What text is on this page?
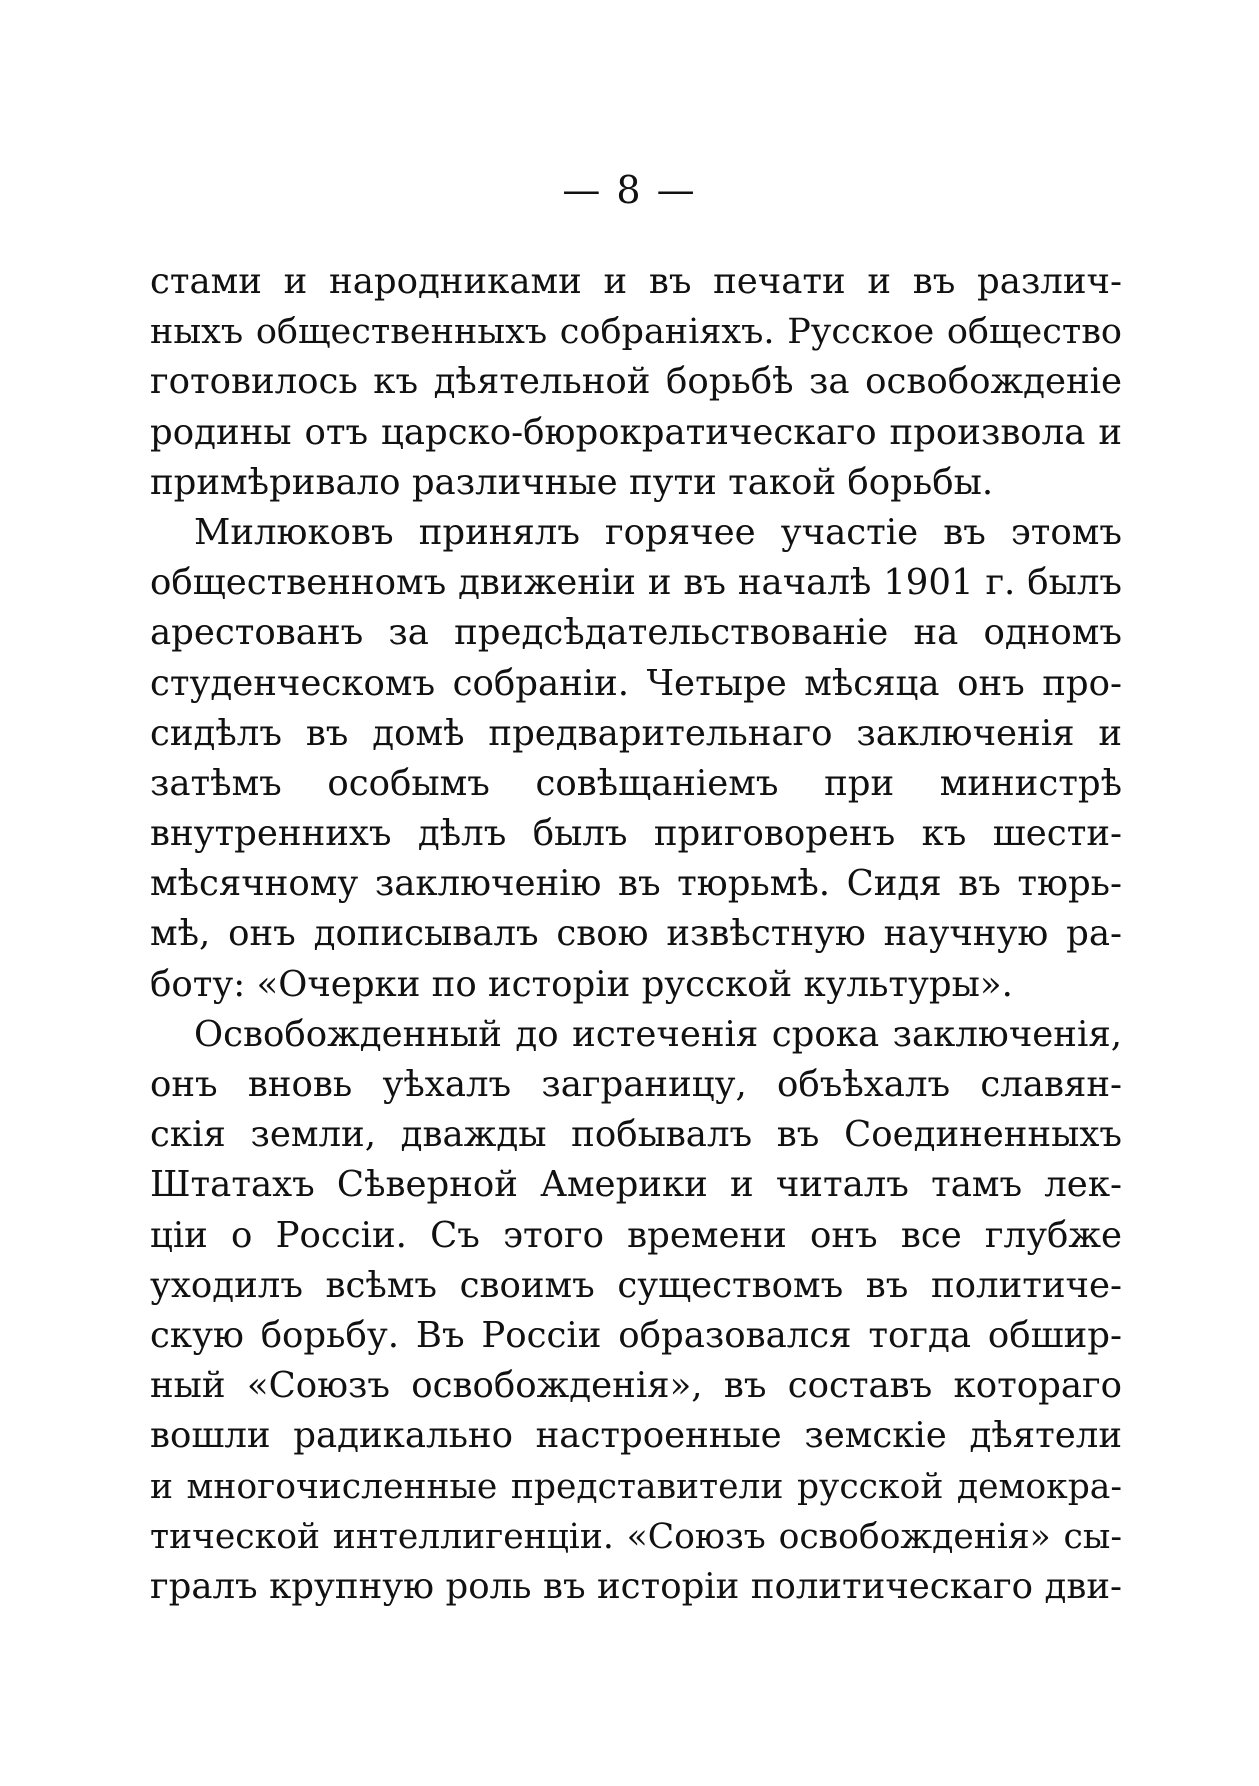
— 8 —
стами и народниками и въ печати и въ различ-
ныхъ общественныхъ собраніяхъ. Русское общество
готовилось къ дѣятельной борьбѣ за освобожденіе
родины отъ царско-бюрократическаго произвола и
примѣривало различные пути такой борьбы.
Милюковъ принялъ горячее участіе въ этомъ
общественномъ движеніи и въ началѣ 1901 г. былъ
арестованъ за предсѣдательствованіе на одномъ
студенческомъ собраніи. Четыре мѣсяца онъ про-
сидѣлъ въ домѣ предварительнаго заключенія и
затѣмъ особымъ совѣщаніемъ при министрѣ
внутреннихъ дѣлъ былъ приговоренъ къ шести-
мѣсячному заключенію въ тюрьмѣ. Сидя въ тюрь-
мѣ, онъ дописывалъ свою извѣстную научную ра-
боту: «Очерки по исторіи русской культуры».
Освобожденный до истеченія срока заключенія,
онъ вновь уѣхалъ заграницу, объѣхалъ славян-
скія земли, дважды побывалъ въ Соединенныхъ
Штатахъ Сѣверной Америки и читалъ тамъ лек-
ціи о Россіи. Съ этого времени онъ все глубже
уходилъ всѣмъ своимъ существомъ въ политиче-
скую борьбу. Въ Россіи образовался тогда обшир-
ный «Союзъ освобожденія», въ составъ котораго
вошли радикально настроенные земскіе дѣятели
и многочисленные представители русской демокра-
тической интеллигенціи. «Союзъ освобожденія» сы-
гралъ крупную роль въ исторіи политическаго дви-
